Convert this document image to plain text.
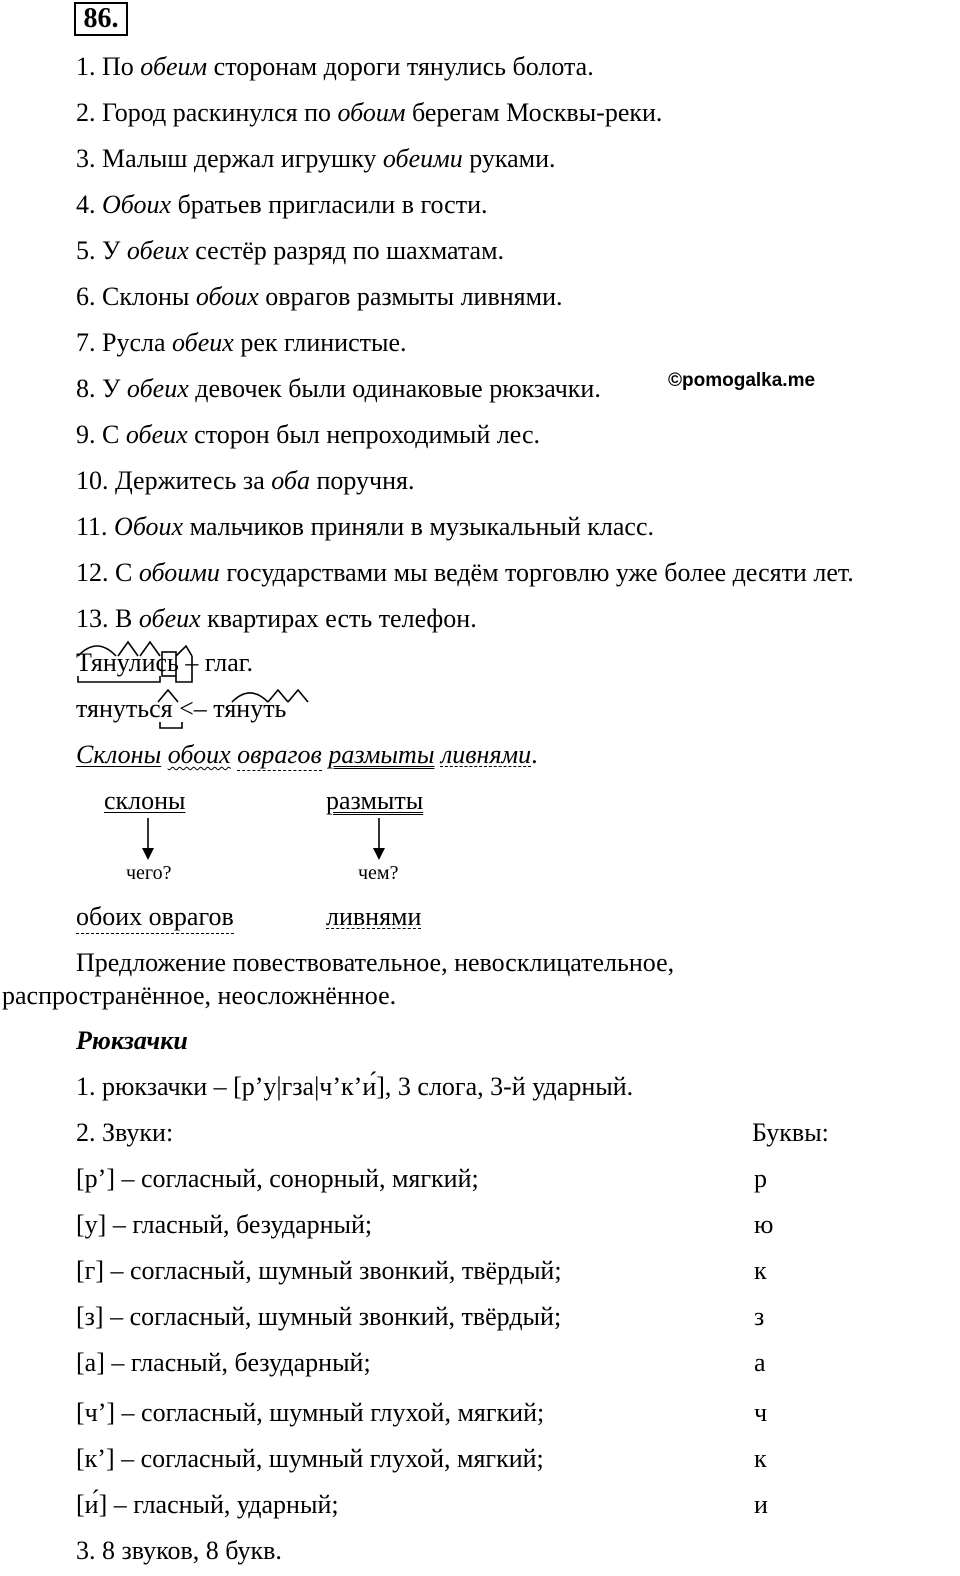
86.
1. По обеим сторонам дороги тянулись болота.
2. Город раскинулся по обоим берегам Москвы-реки.
3. Малыш держал игрушку обеими руками.
4. Обоих братьев пригласили в гости.
5. У обеих сестёр разряд по шахматам.
6. Склоны обоих оврагов размыты ливнями.
7. Русла обеих рек глинистые.
8. У обеих девочек были одинаковые рюкзачки.
9. С обеих сторон был непроходимый лес.
10. Держитесь за оба поручня.
11. Обоих мальчиков приняли в музыкальный класс.
12. С обоими государствами мы ведём торговлю уже более десяти лет.
13. В обеих квартирах есть телефон.
©pomogalka.me
Тянулись – глаг.
тянуться <– тянуть
Склоны обоих оврагов размыты ливнями.
склоны	размыты
чего?	чем?
обоих оврагов	ливнями
Предложение повествовательное, невосклицательное,
распространённое, неосложнённое.
Рюкзачки
1. рюкзачки – [р’у|гза|ч’к’и́], 3 слога, 3-й ударный.
2. Звуки:	Буквы:
[р’] – согласный, сонорный, мягкий;	р
[у] – гласный, безударный;	ю
[г] – согласный, шумный звонкий, твёрдый;	к
[з] – согласный, шумный звонкий, твёрдый;	з
[а] – гласный, безударный;	а
[ч’] – согласный, шумный глухой, мягкий;	ч
[к’] – согласный, шумный глухой, мягкий;	к
[и́] – гласный, ударный;	и
3. 8 звуков, 8 букв.
